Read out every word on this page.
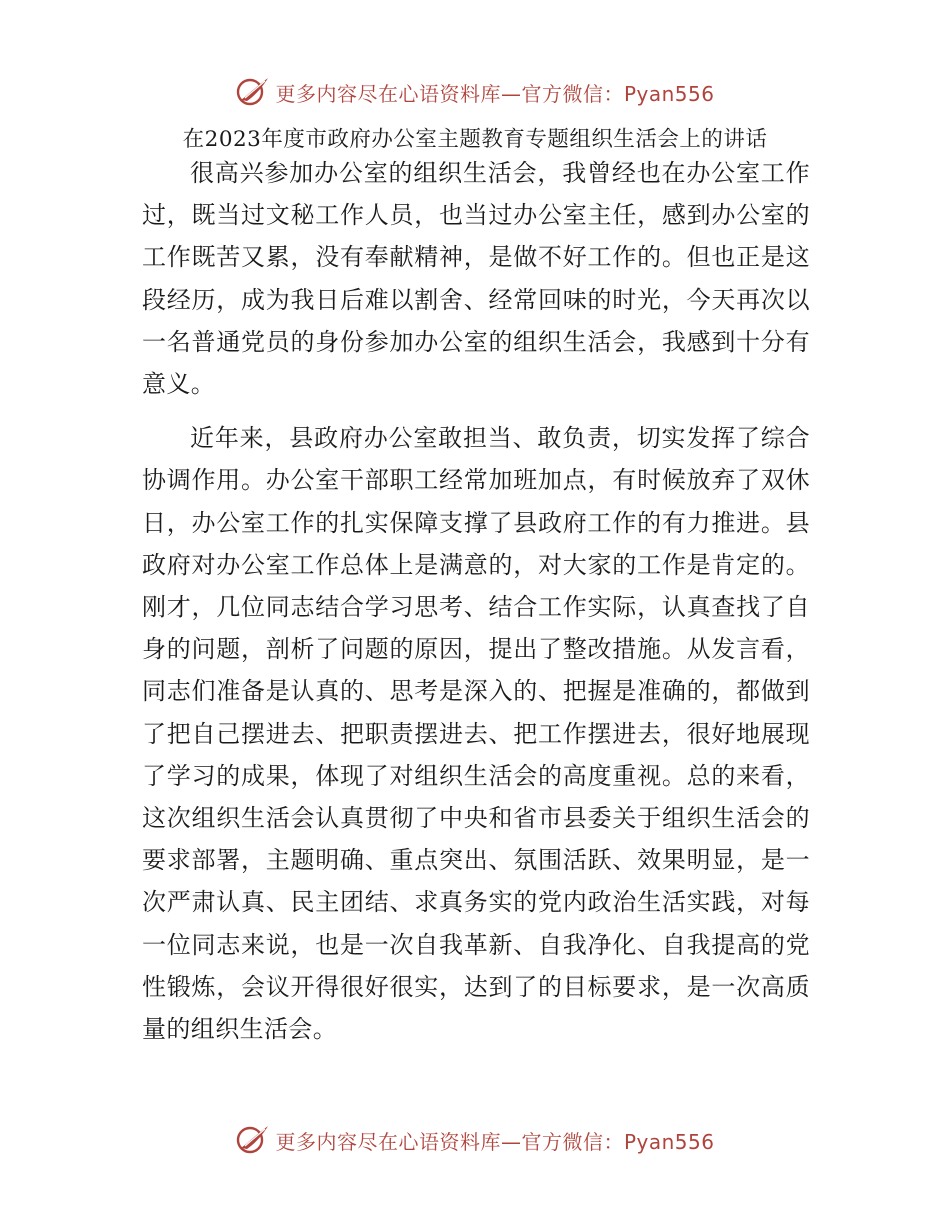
更多内容尽在心语资料库—官方微信：Pyan556
在2023年度市政府办公室主题教育专题组织生活会上的讲话

很高兴参加办公室的组织生活会，我曾经也在办公室工作过，既当过文秘工作人员，也当过办公室主任，感到办公室的工作既苦又累，没有奉献精神，是做不好工作的。但也正是这段经历，成为我日后难以割舍、经常回味的时光，今天再次以一名普通党员的身份参加办公室的组织生活会，我感到十分有意义。

近年来，县政府办公室敢担当、敢负责，切实发挥了综合协调作用。办公室干部职工经常加班加点，有时候放弃了双休日，办公室工作的扎实保障支撑了县政府工作的有力推进。县政府对办公室工作总体上是满意的，对大家的工作是肯定的。刚才，几位同志结合学习思考、结合工作实际，认真查找了自身的问题，剖析了问题的原因，提出了整改措施。从发言看，同志们准备是认真的、思考是深入的、把握是准确的，都做到了把自己摆进去、把职责摆进去、把工作摆进去，很好地展现了学习的成果，体现了对组织生活会的高度重视。总的来看，这次组织生活会认真贯彻了中央和省市县委关于组织生活会的要求部署，主题明确、重点突出、氛围活跃、效果明显，是一次严肃认真、民主团结、求真务实的党内政治生活实践，对每一位同志来说，也是一次自我革新、自我净化、自我提高的党性锻炼，会议开得很好很实，达到了的目标要求，是一次高质量的组织生活会。

更多内容尽在心语资料库—官方微信：Pyan556
